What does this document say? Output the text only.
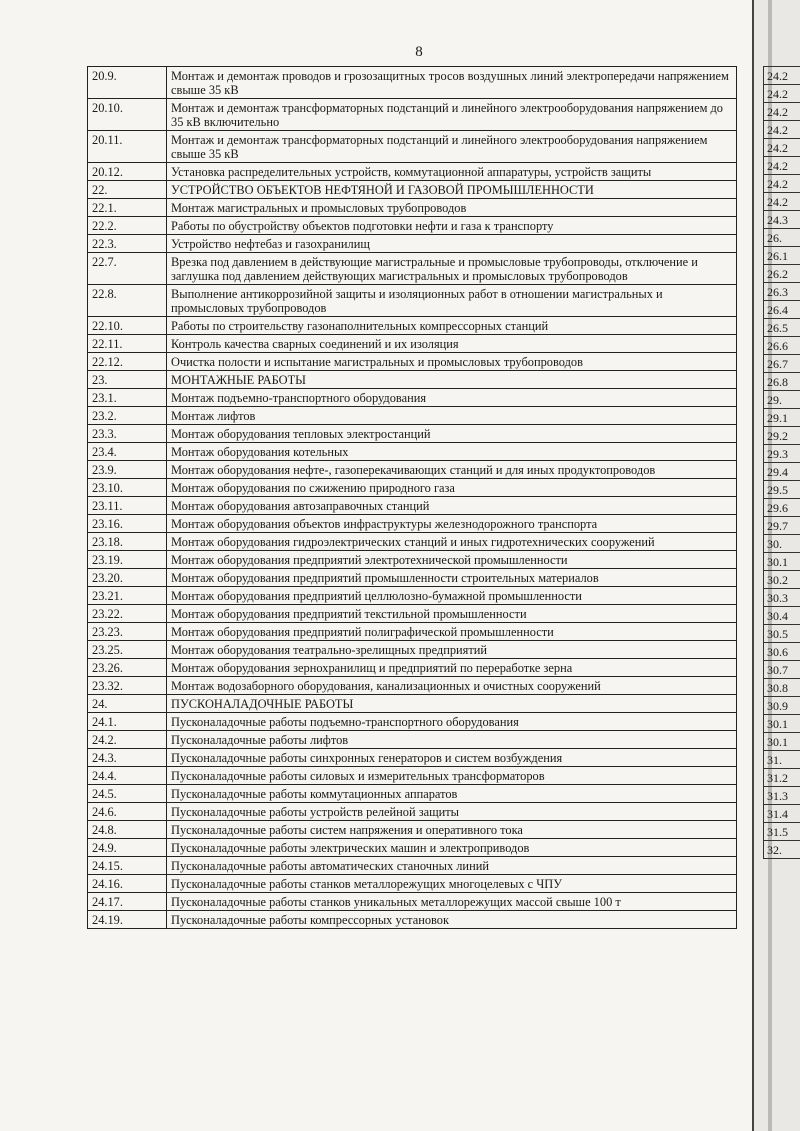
8
20.9.	Монтаж и демонтаж проводов и грозозащитных тросов воздушных линий электропередачи напряжением свыше 35 кВ
20.10.	Монтаж и демонтаж трансформаторных подстанций и линейного электрооборудования напряжением до 35 кВ включительно
20.11.	Монтаж и демонтаж трансформаторных подстанций и линейного электрооборудования напряжением свыше 35 кВ
20.12.	Установка распределительных устройств, коммутационной аппаратуры, устройств защиты
22.	УСТРОЙСТВО ОБЪЕКТОВ НЕФТЯНОЙ И ГАЗОВОЙ ПРОМЫШЛЕННОСТИ
22.1.	Монтаж магистральных и промысловых трубопроводов
22.2.	Работы по обустройству объектов подготовки нефти и газа к транспорту
22.3.	Устройство нефтебаз и газохранилищ
22.7.	Врезка под давлением в действующие магистральные и промысловые трубопроводы, отключение и заглушка под давлением действующих магистральных и промысловых трубопроводов
22.8.	Выполнение антикоррозийной защиты и изоляционных работ в отношении магистральных и промысловых трубопроводов
22.10.	Работы по строительству газонаполнительных компрессорных станций
22.11.	Контроль качества сварных соединений и их изоляция
22.12.	Очистка полости и испытание магистральных и промысловых трубопроводов
23.	МОНТАЖНЫЕ РАБОТЫ
23.1.	Монтаж подъемно-транспортного оборудования
23.2.	Монтаж лифтов
23.3.	Монтаж оборудования тепловых электростанций
23.4.	Монтаж оборудования котельных
23.9.	Монтаж оборудования нефте-, газоперекачивающих станций и для иных продуктопроводов
23.10.	Монтаж оборудования по сжижению природного газа
23.11.	Монтаж оборудования автозаправочных станций
23.16.	Монтаж оборудования объектов инфраструктуры железнодорожного транспорта
23.18.	Монтаж оборудования гидроэлектрических станций и иных гидротехнических сооружений
23.19.	Монтаж оборудования предприятий электротехнической промышленности
23.20.	Монтаж оборудования предприятий промышленности строительных материалов
23.21.	Монтаж оборудования предприятий целлюлозно-бумажной промышленности
23.22.	Монтаж оборудования предприятий текстильной промышленности
23.23.	Монтаж оборудования предприятий полиграфической промышленности
23.25.	Монтаж оборудования театрально-зрелищных предприятий
23.26.	Монтаж оборудования зернохранилищ и предприятий по переработке зерна
23.32.	Монтаж водозаборного оборудования, канализационных и очистных сооружений
24.	ПУСКОНАЛАДОЧНЫЕ РАБОТЫ
24.1.	Пусконаладочные работы подъемно-транспортного оборудования
24.2.	Пусконаладочные работы лифтов
24.3.	Пусконаладочные работы синхронных генераторов и систем возбуждения
24.4.	Пусконаладочные работы силовых и измерительных трансформаторов
24.5.	Пусконаладочные работы коммутационных аппаратов
24.6.	Пусконаладочные работы устройств релейной защиты
24.8.	Пусконаладочные работы систем напряжения и оперативного тока
24.9.	Пусконаладочные работы электрических машин и электроприводов
24.15.	Пусконаладочные работы автоматических станочных линий
24.16.	Пусконаладочные работы станков металлорежущих многоцелевых с ЧПУ
24.17.	Пусконаладочные работы станков уникальных металлорежущих массой свыше 100 т
24.19.	Пусконаладочные работы компрессорных установок
24.2
24.2
24.2
24.2
24.2
24.2
24.2
24.2
24.3
26.
26.1
26.2
26.3
26.4
26.5
26.6
26.7
26.8
29.
29.1
29.2
29.3
29.4
29.5
29.6
29.7
30.
30.1
30.2
30.3
30.4
30.5
30.6
30.7
30.8
30.9
30.1
30.1
31.
31.2
31.3
31.4
31.5
32.
